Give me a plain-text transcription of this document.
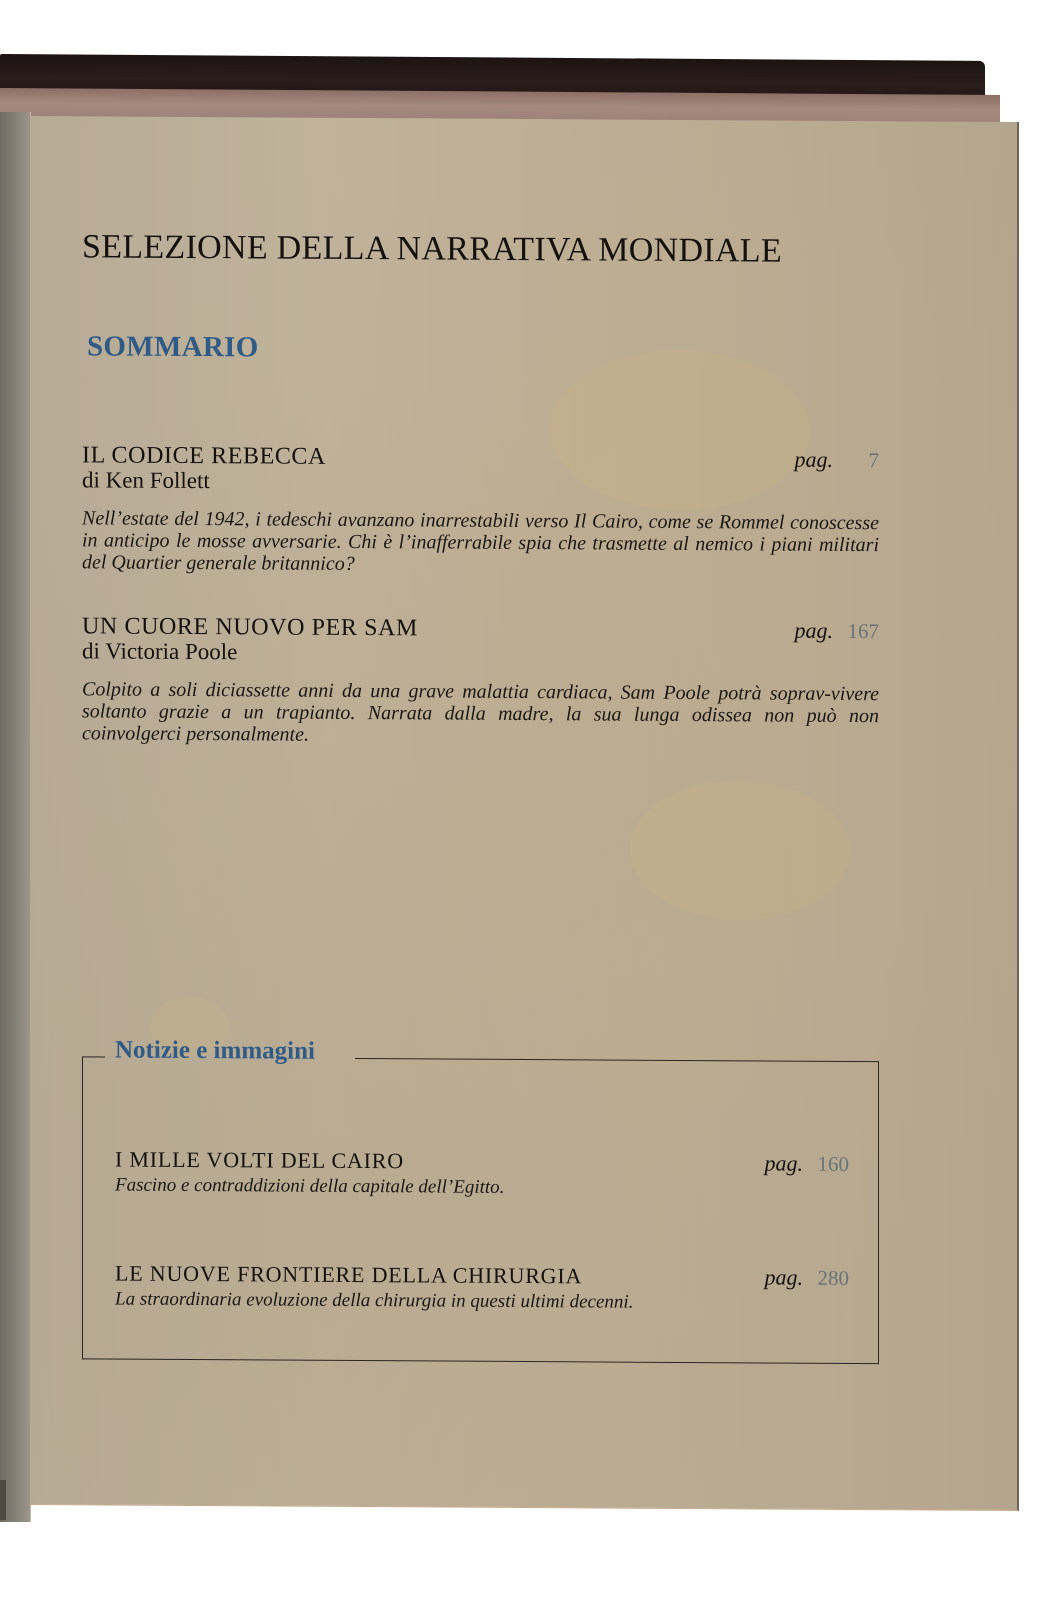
SELEZIONE DELLA NARRATIVA MONDIALE
SOMMARIO
IL CODICE REBECCA	pag.	7
di Ken Follett
Nell’estate del 1942, i tedeschi avanzano inarrestabili verso Il Cairo, come se Rommel conoscesse in anticipo le mosse avversarie. Chi è l’inafferrabile spia che trasmette al nemico i piani militari del Quartier generale britannico?
UN CUORE NUOVO PER SAM	pag. 167
di Victoria Poole
Colpito a soli diciassette anni da una grave malattia cardiaca, Sam Poole potrà soprav-vivere soltanto grazie a un trapianto. Narrata dalla madre, la sua lunga odissea non può non coinvolgerci personalmente.
Notizie e immagini
I MILLE VOLTI DEL CAIRO	pag. 160
Fascino e contraddizioni della capitale dell’Egitto.
LE NUOVE FRONTIERE DELLA CHIRURGIA	pag. 280
La straordinaria evoluzione della chirurgia in questi ultimi decenni.
